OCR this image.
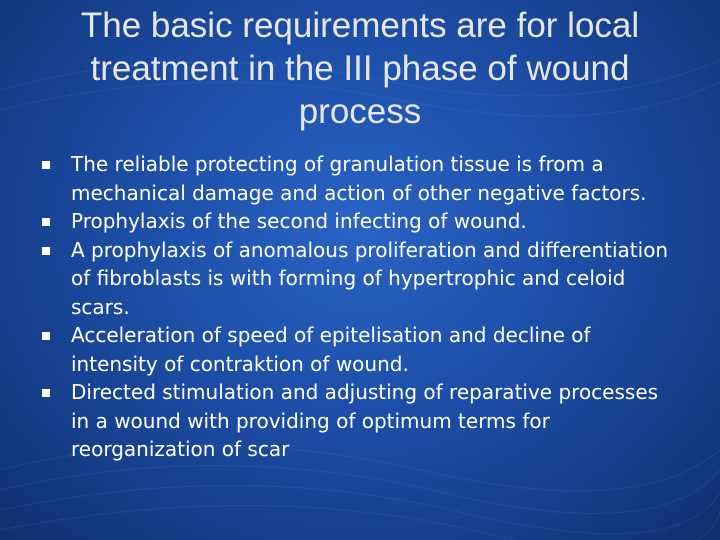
The basic requirements are for local treatment in the III phase of wound process
The reliable protecting of granulation tissue is from a mechanical damage and action of other negative factors.
Prophylaxis of the second infecting of wound.
A prophylaxis of anomalous proliferation and differentiation of fibroblasts is with forming of hypertrophic and celoid scars.
Acceleration of speed of epitelisation and decline of intensity of contraktion of wound.
Directed stimulation and adjusting of reparative processes in a wound with providing of optimum terms for reorganization of scar
